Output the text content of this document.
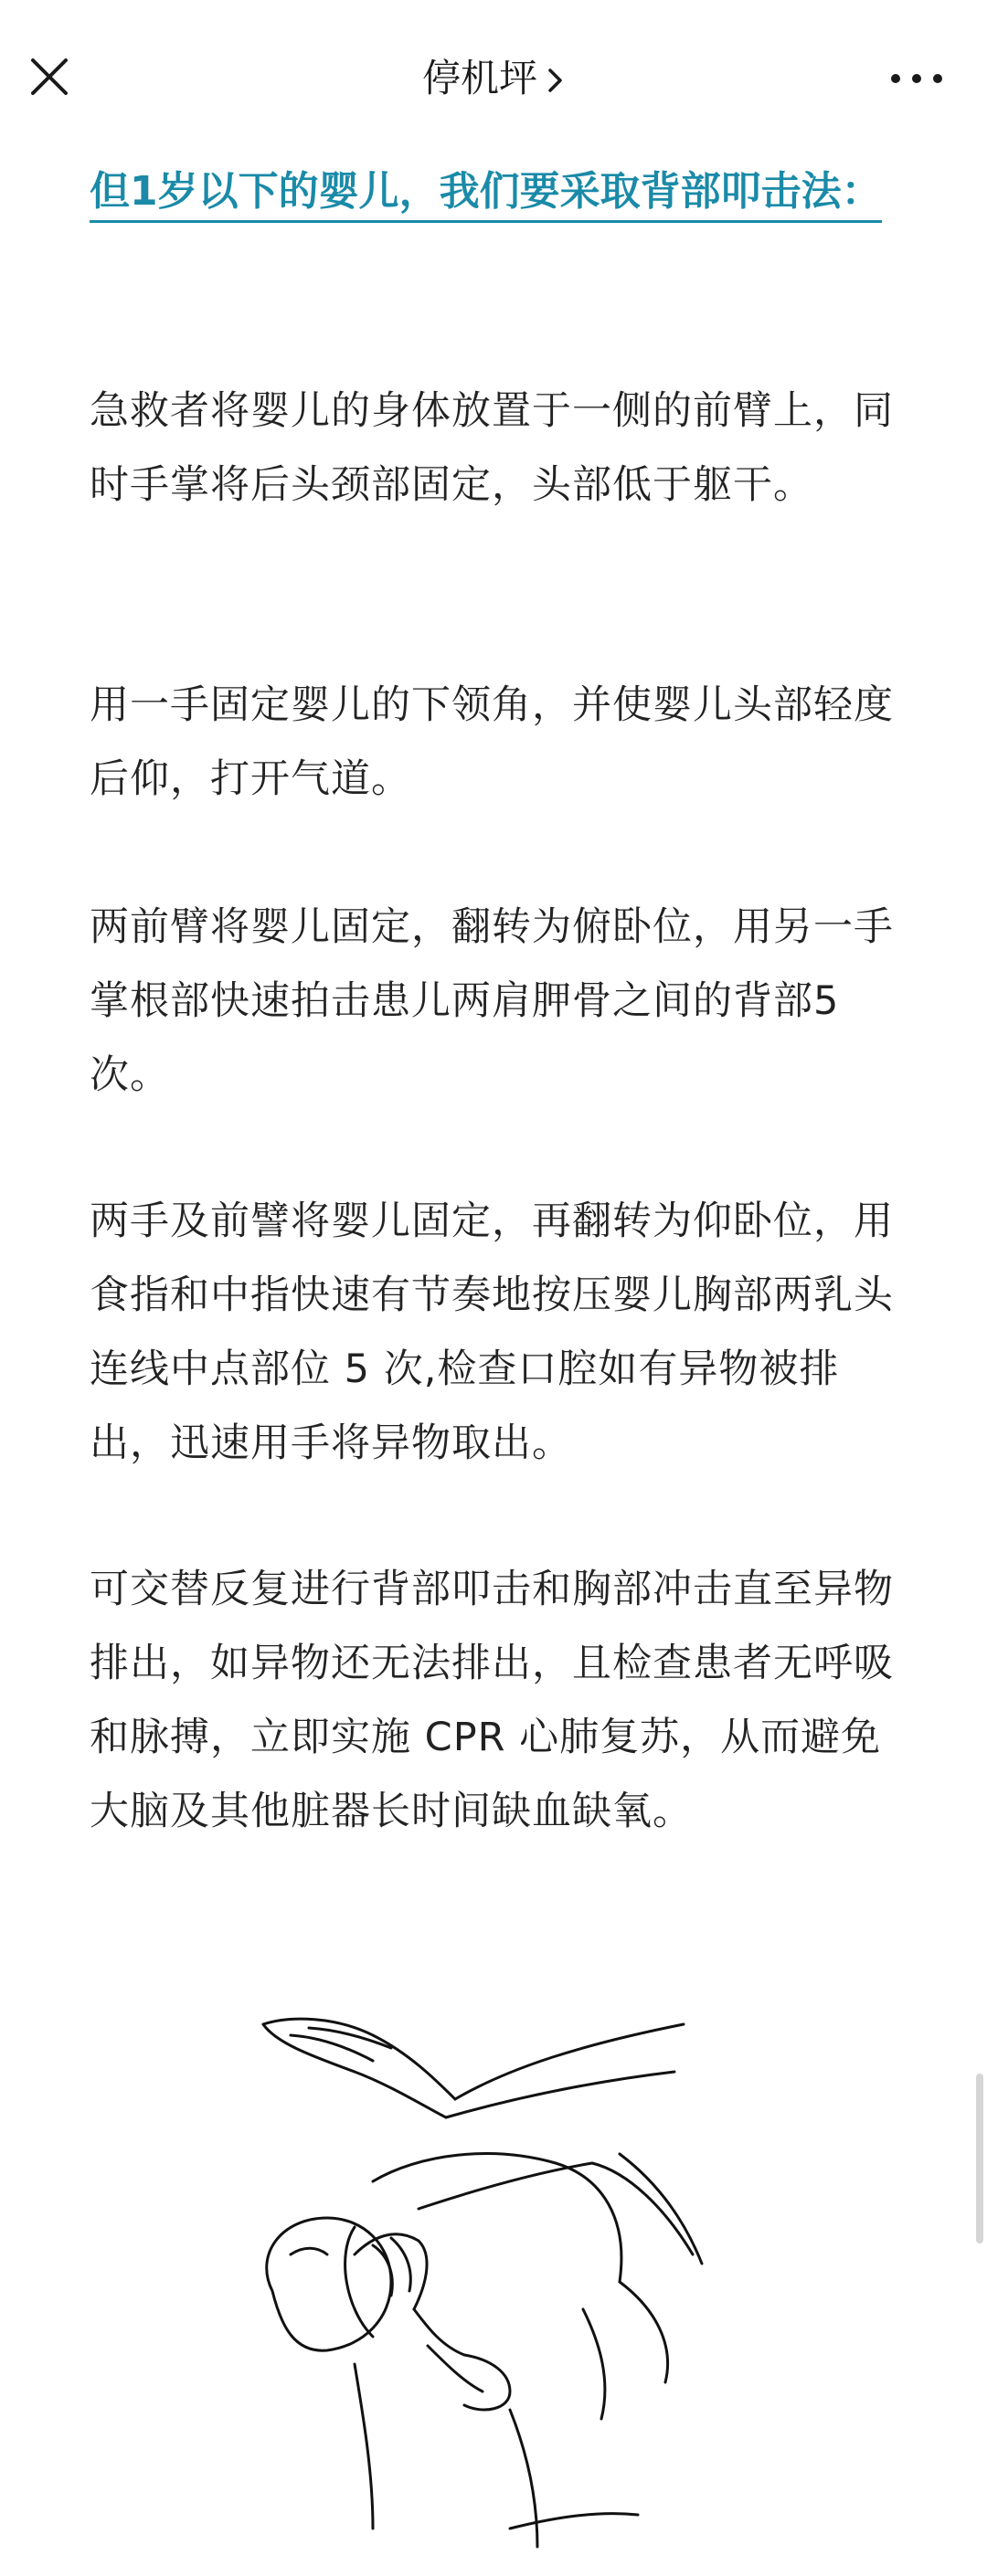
停机坪
但1岁以下的婴儿，我们要采取背部叩击法：

急救者将婴儿的身体放置于一侧的前臂上，同时手掌将后头颈部固定，头部低于躯干。

用一手固定婴儿的下领角，并使婴儿头部轻度后仰，打开气道。

两前臂将婴儿固定，翻转为俯卧位，用另一手掌根部快速拍击患儿两肩胛骨之间的背部5次。

两手及前譬将婴儿固定，再翻转为仰卧位，用食指和中指快速有节奏地按压婴儿胸部两乳头连线中点部位 5 次,检查口腔如有异物被排出，迅速用手将异物取出。

可交替反复进行背部叩击和胸部冲击直至异物排出，如异物还无法排出，且检查患者无呼吸和脉搏，立即实施 CPR 心肺复苏，从而避免大脑及其他脏器长时间缺血缺氧。
